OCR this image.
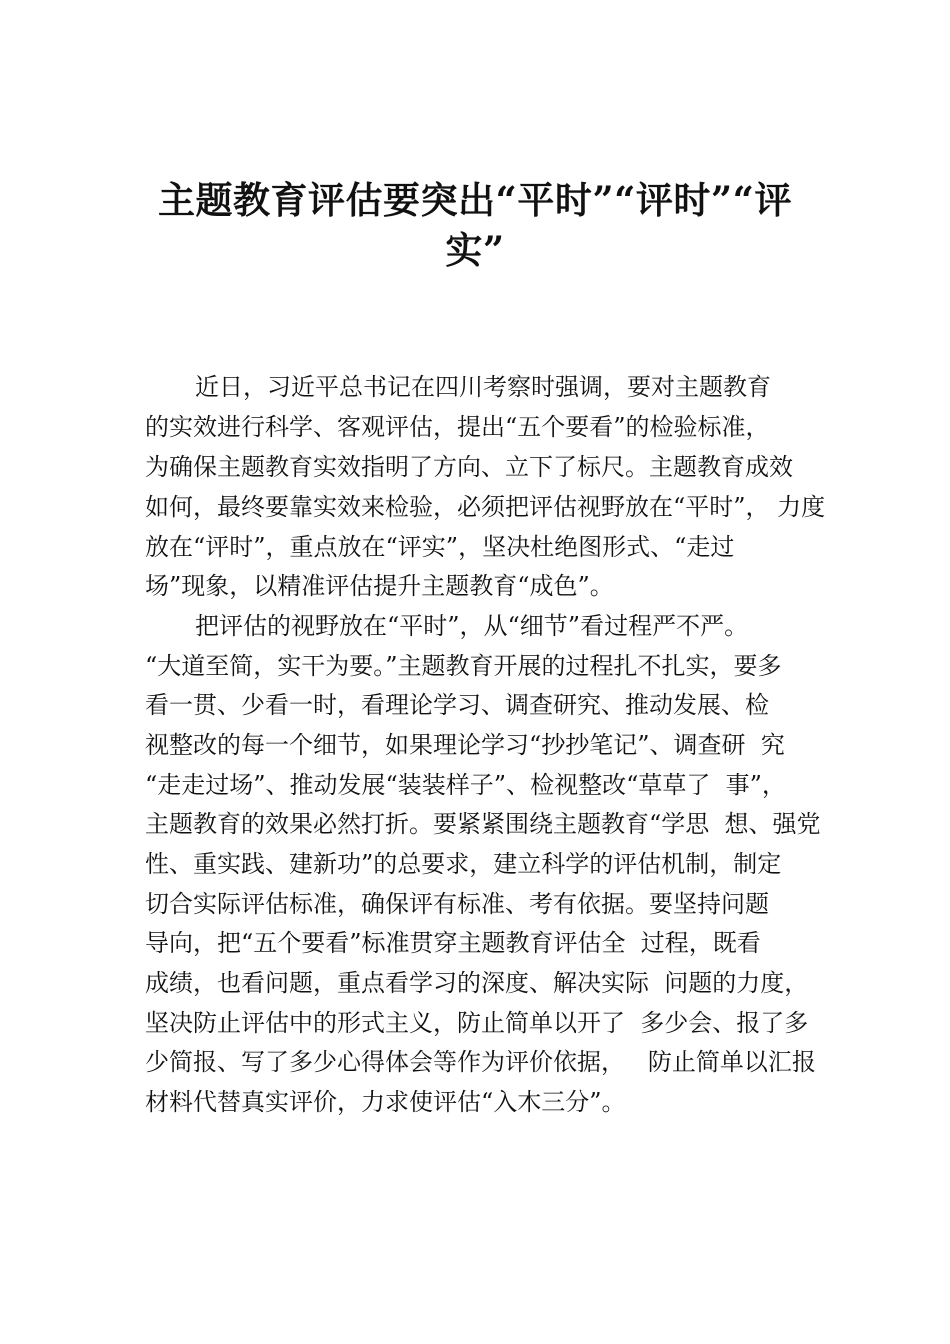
主题教育评估要突出“平时”“评时”“评
实”
近日，习近平总书记在四川考察时强调，要对主题教育
的实效进行科学、客观评估，提出“五个要看”的检验标准，
为确保主题教育实效指明了方向、立下了标尺。主题教育成效
如何，最终要靠实效来检验，必须把评估视野放在“平时”， 力度
放在“评时”，重点放在“评实”，坚决杜绝图形式、“走过
场”现象，以精准评估提升主题教育“成色”。
把评估的视野放在“平时”，从“细节”看过程严不严。
“大道至简，实干为要。”主题教育开展的过程扎不扎实，要多
看一贯、少看一时，看理论学习、调查研究、推动发展、检
视整改的每一个细节，如果理论学习“抄抄笔记”、调查研  究
“走走过场”、推动发展“装装样子”、检视整改“草草了  事”，
主题教育的效果必然打折。要紧紧围绕主题教育“学思  想、强党
性、重实践、建新功”的总要求，建立科学的评估机制，制定
切合实际评估标准，确保评有标准、考有依据。要坚持问题
导向，把“五个要看”标准贯穿主题教育评估全  过程，既看
成绩，也看问题，重点看学习的深度、解决实际  问题的力度，
坚决防止评估中的形式主义，防止简单以开了  多少会、报了多
少简报、写了多少心得体会等作为评价依据，   防止简单以汇报
材料代替真实评价，力求使评估“入木三分”。
